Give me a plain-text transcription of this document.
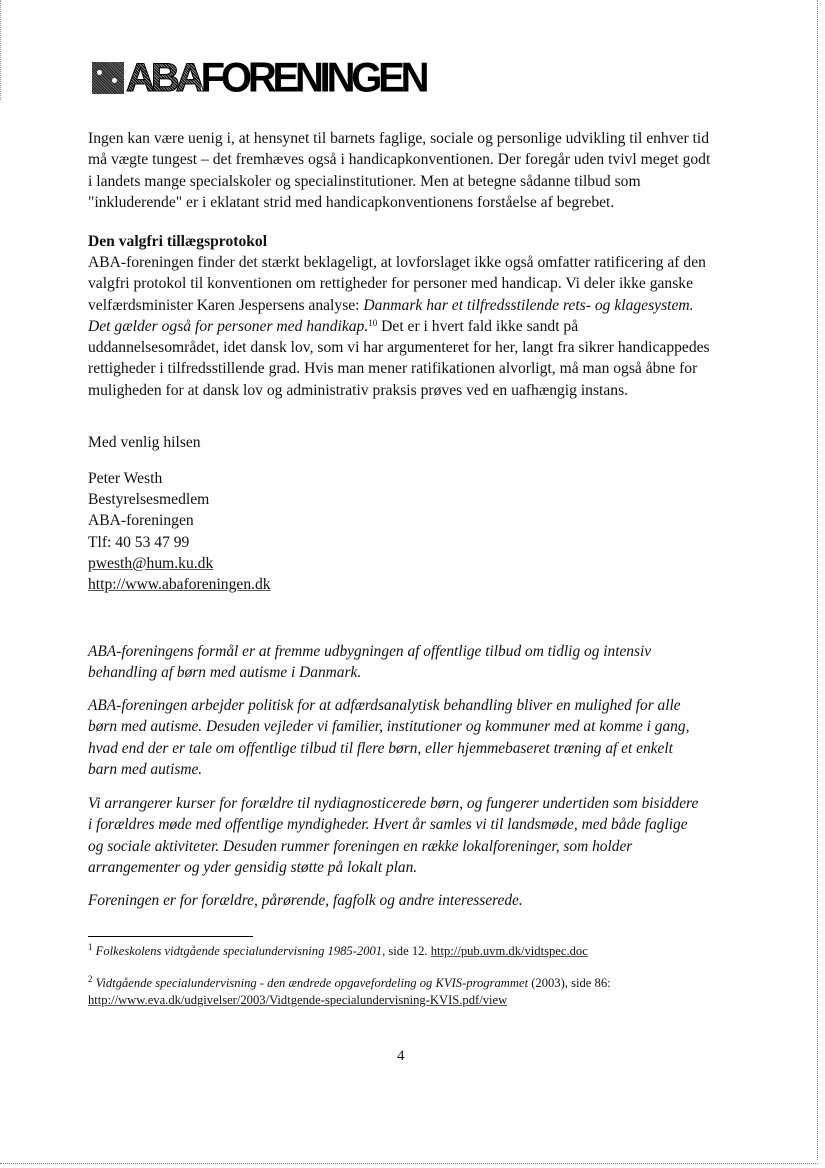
ABA FORENINGEN
Ingen kan være uenig i, at hensynet til barnets faglige, sociale og personlige udvikling til enhver tid
må vægte tungest – det fremhæves også i handicapkonventionen. Der foregår uden tvivl meget godt
i landets mange specialskoler og specialinstitutioner. Men at betegne sådanne tilbud som
"inkluderende" er i eklatant strid med handicapkonventionens forståelse af begrebet.
Den valgfri tillægsprotokol
ABA-foreningen finder det stærkt beklageligt, at lovforslaget ikke også omfatter ratificering af den
valgfri protokol til konventionen om rettigheder for personer med handicap. Vi deler ikke ganske
velfærdsminister Karen Jespersens analyse: Danmark har et tilfredsstilende rets- og klagesystem.
Det gælder også for personer med handikap.$^{10}$ Det er i hvert fald ikke sandt på
uddannelsesområdet, idet dansk lov, som vi har argumenteret for her, langt fra sikrer handicappedes
rettigheder i tilfredsstillende grad. Hvis man mener ratifikationen alvorligt, må man også åbne for
muligheden for at dansk lov og administrativ praksis prøves ved en uafhængig instans.
Med venlig hilsen
Peter Westh
Bestyrelsesmedlem
ABA-foreningen
Tlf: 40 53 47 99
pwesth@hum.ku.dk
http://www.abaforeningen.dk
ABA-foreningens formål er at fremme udbygningen af offentlige tilbud om tidlig og intensiv
behandling af børn med autisme i Danmark.
ABA-foreningen arbejder politisk for at adfærdsanalytisk behandling bliver en mulighed for alle
børn med autisme. Desuden vejleder vi familier, institutioner og kommuner med at komme i gang,
hvad end der er tale om offentlige tilbud til flere børn, eller hjemmebaseret træning af et enkelt
barn med autisme.
Vi arrangerer kurser for forældre til nydiagnosticerede børn, og fungerer undertiden som bisiddere
i forældres møde med offentlige myndigheder. Hvert år samles vi til landsmøde, med både faglige
og sociale aktiviteter. Desuden rummer foreningen en række lokalforeninger, som holder
arrangementer og yder gensidig støtte på lokalt plan.
Foreningen er for forældre, pårørende, fagfolk og andre interesserede.
$^1$ Folkeskolens vidtgående specialundervisning 1985-2001, side 12. http://pub.uvm.dk/vidtspec.doc
$^2$ Vidtgående specialundervisning - den ændrede opgavefordeling og KVIS-programmet (2003), side 86:
http://www.eva.dk/udgivelser/2003/Vidtgende-specialundervisning-KVIS.pdf/view
4
